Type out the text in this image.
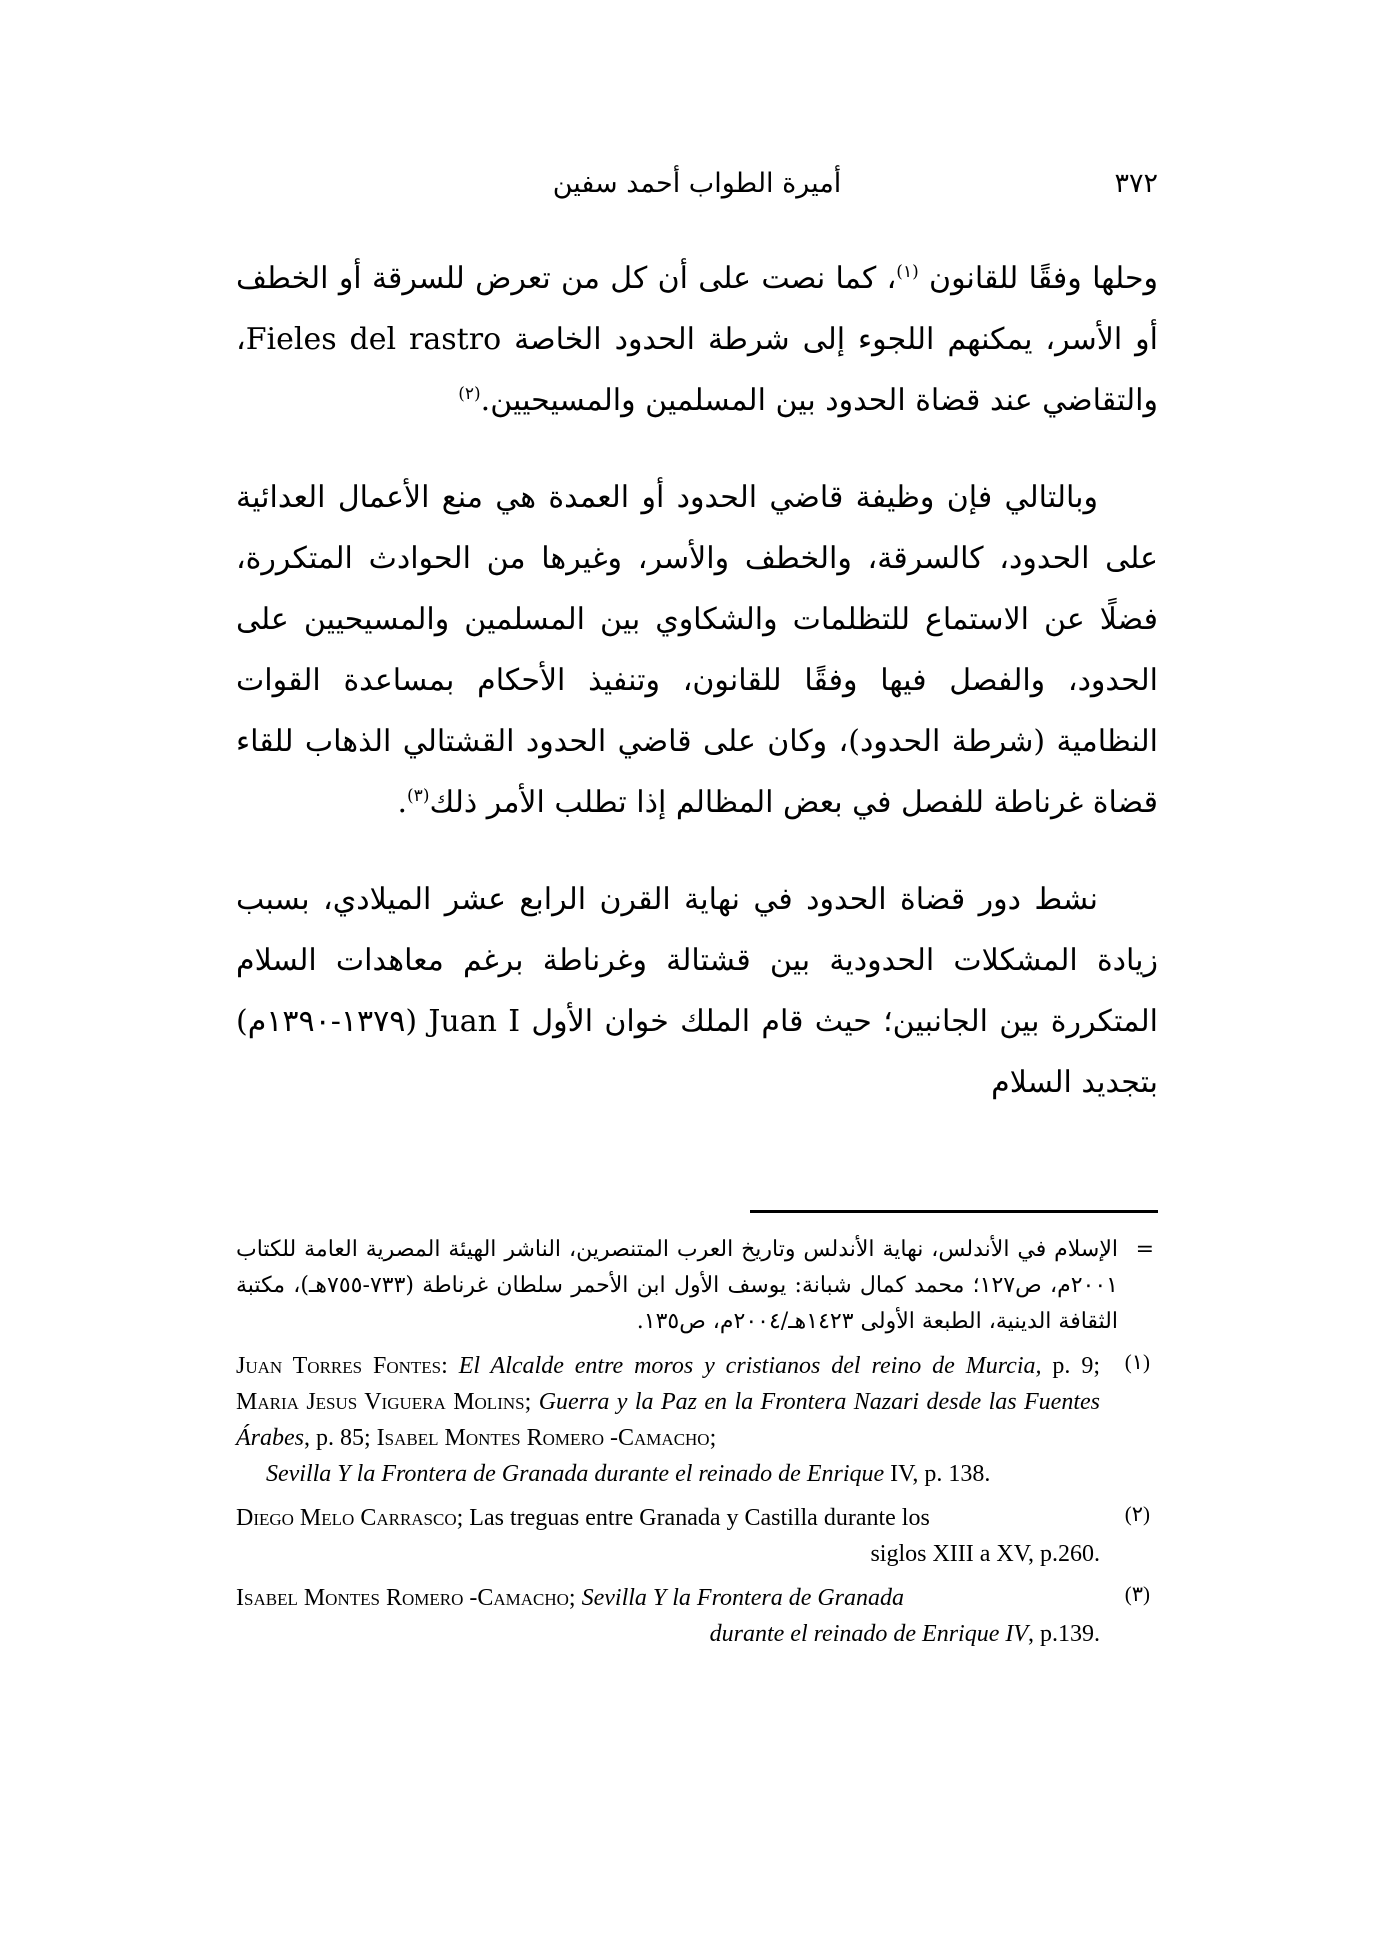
٣٧٢
أميرة الطواب أحمد سفين

وحلها وفقًا للقانون $^{(١)}$، كما نصت على أن كل من تعرض للسرقة أو الخطف أو الأسر، يمكنهم اللجوء إلى شرطة الحدود الخاصة Fieles del rastro، والتقاضي عند قضاة الحدود بين المسلمين والمسيحيين.$^{(٢)}$

وبالتالي فإن وظيفة قاضي الحدود أو العمدة هي منع الأعمال العدائية على الحدود، كالسرقة، والخطف والأسر، وغيرها من الحوادث المتكررة، فضلًا عن الاستماع للتظلمات والشكاوي بين المسلمين والمسيحيين على الحدود، والفصل فيها وفقًا للقانون، وتنفيذ الأحكام بمساعدة القوات النظامية (شرطة الحدود)، وكان على قاضي الحدود القشتالي الذهاب للقاء قضاة غرناطة للفصل في بعض المظالم إذا تطلب الأمر ذلك$^{(٣)}$.

نشط دور قضاة الحدود في نهاية القرن الرابع عشر الميلادي، بسبب زيادة المشكلات الحدودية بين قشتالة وغرناطة برغم معاهدات السلام المتكررة بين الجانبين؛ حيث قام الملك خوان الأول Juan I (١٣٧٩-١٣٩٠م) بتجديد السلام

=
الإسلام في الأندلس، نهاية الأندلس وتاريخ العرب المتنصرين، الناشر الهيئة المصرية العامة للكتاب ٢٠٠١م، ص١٢٧؛ محمد كمال شبانة: يوسف الأول ابن الأحمر سلطان غرناطة (٧٣٣-٧٥٥هـ)، مكتبة الثقافة الدينية، الطبعة الأولى ١٤٢٣هـ/٢٠٠٤م، ص١٣٥.
(١)
Juan Torres Fontes: El Alcalde entre moros y cristianos del reino de Murcia, p. 9; Maria Jesus Viguera Molins; Guerra y la Paz en la Frontera Nazari desde las Fuentes Árabes, p. 85; Isabel Montes Romero -Camacho;
Sevilla Y la Frontera de Granada durante el reinado de Enrique IV, p. 138.
(٢)
Diego Melo Carrasco; Las treguas entre Granada y Castilla durante los
siglos XIII a XV, p.260.
(٣)
Isabel Montes Romero -Camacho; Sevilla Y la Frontera de Granada
durante el reinado de Enrique IV, p.139.
